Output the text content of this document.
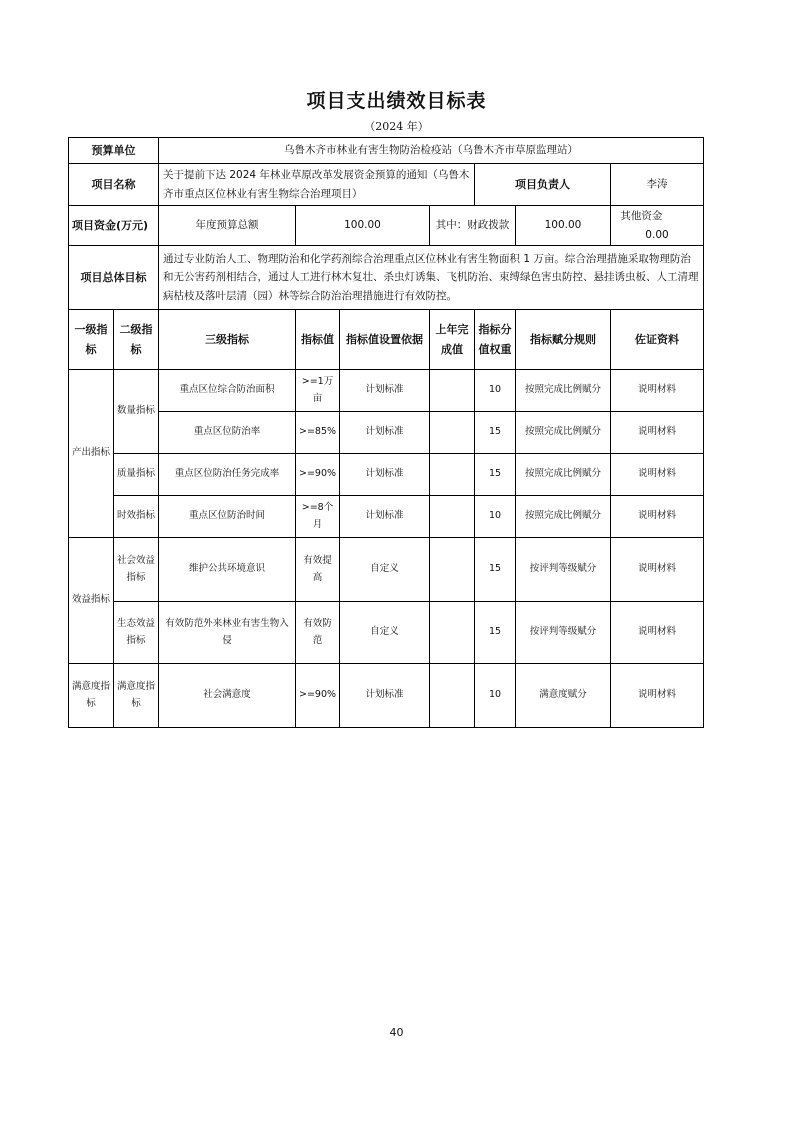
项目支出绩效目标表
（2024 年）
预算单位		乌鲁木齐市林业有害生物防治检疫站（乌鲁木齐市草原监理站）						
项目名称		关于提前下达 2024 年林业草原改革发展资金预算的通知（乌鲁木齐市重点区位林业有害生物综合治理项目）				项目负责人		李涛
项目资金(万元)		年度预算总额	100.00		其中：财政拨款		100.00	其他资金  0.00
项目总体目标		通过专业防治人工、物理防治和化学药剂综合治理重点区位林业有害生物面积 1 万亩。综合治理措施采取物理防治和无公害药剂相结合，通过人工进行林木复壮、杀虫灯诱集、飞机防治、束缚绿色害虫防控、悬挂诱虫板、人工清理病枯枝及落叶层清（园）林等综合防治治理措施进行有效防控。						
一级指标	二级指标	三级指标	指标值	指标值设置依据	上年完成值	指标分值权重	指标赋分规则	佐证资料
产出指标	数量指标	重点区位综合防治面积	>=1万亩	计划标准		10	按照完成比例赋分	说明材料
		重点区位防治率	>=85%	计划标准		15	按照完成比例赋分	说明材料
	质量指标	重点区位防治任务完成率	>=90%	计划标准		15	按照完成比例赋分	说明材料
	时效指标	重点区位防治时间	>=8个月	计划标准		10	按照完成比例赋分	说明材料
效益指标	社会效益指标	维护公共环境意识	有效提高	自定义		15	按评判等级赋分	说明材料
	生态效益指标	有效防范外来林业有害生物入侵	有效防范	自定义		15	按评判等级赋分	说明材料
满意度指标	满意度指标	社会满意度	>=90%	计划标准		10	满意度赋分	说明材料
40
